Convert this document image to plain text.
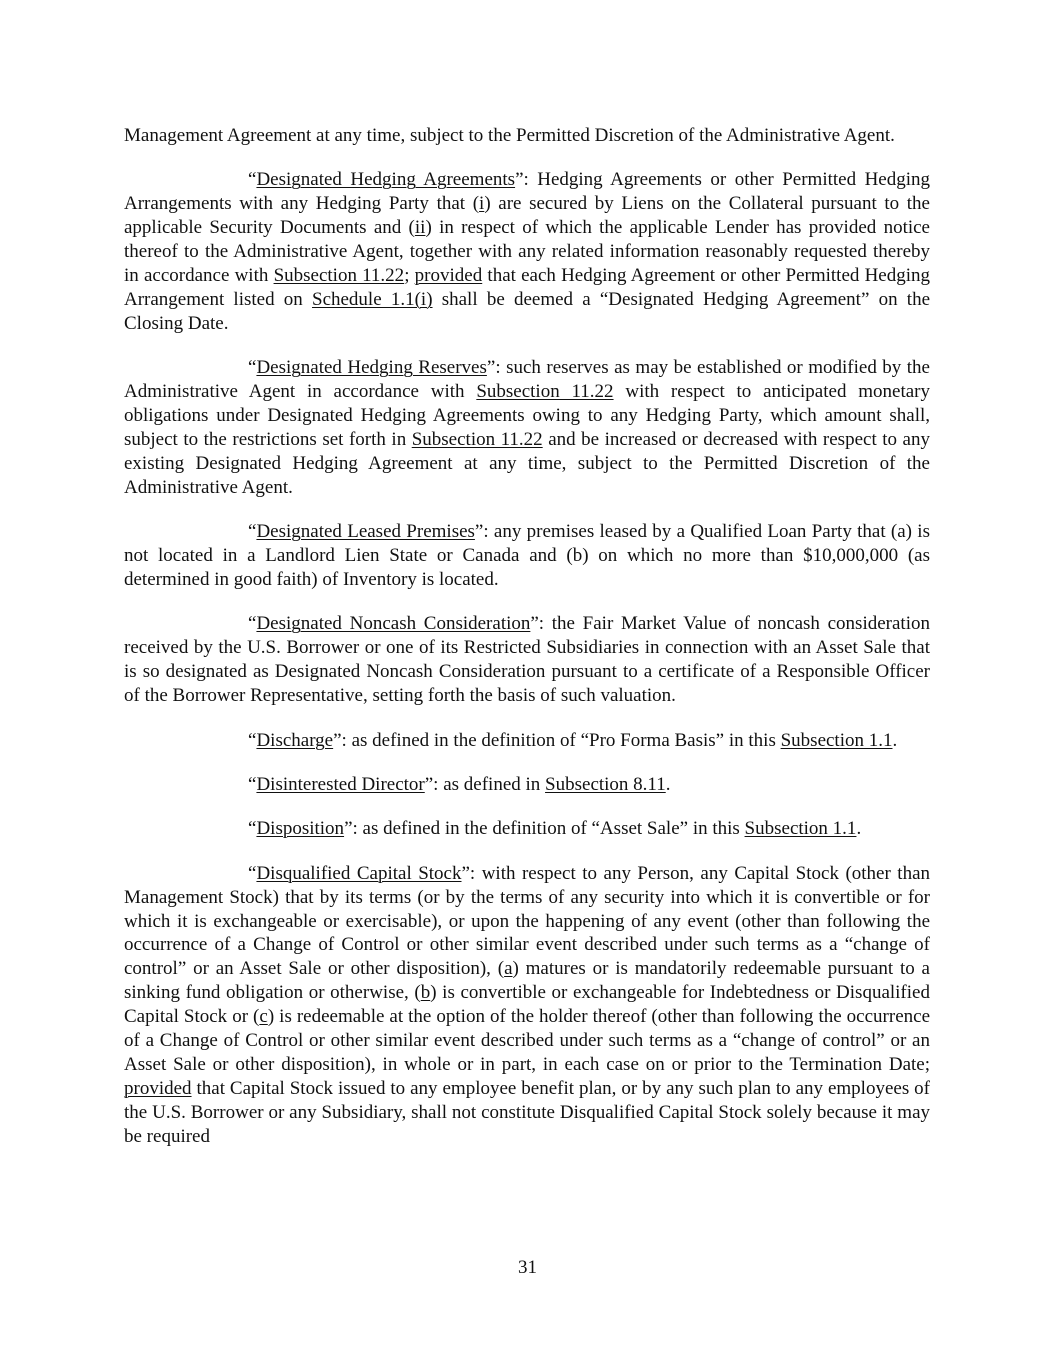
Management Agreement at any time, subject to the Permitted Discretion of the Administrative Agent.

“Designated Hedging Agreements”: Hedging Agreements or other Permitted Hedging Arrangements with any Hedging Party that (i) are secured by Liens on the Collateral pursuant to the applicable Security Documents and (ii) in respect of which the applicable Lender has provided notice thereof to the Administrative Agent, together with any related information reasonably requested thereby in accordance with Subsection 11.22; provided that each Hedging Agreement or other Permitted Hedging Arrangement listed on Schedule 1.1(i) shall be deemed a “Designated Hedging Agreement” on the Closing Date.

“Designated Hedging Reserves”: such reserves as may be established or modified by the Administrative Agent in accordance with Subsection 11.22 with respect to anticipated monetary obligations under Designated Hedging Agreements owing to any Hedging Party, which amount shall, subject to the restrictions set forth in Subsection 11.22 and be increased or decreased with respect to any existing Designated Hedging Agreement at any time, subject to the Permitted Discretion of the Administrative Agent.

“Designated Leased Premises”: any premises leased by a Qualified Loan Party that (a) is not located in a Landlord Lien State or Canada and (b) on which no more than $10,000,000 (as determined in good faith) of Inventory is located.

“Designated Noncash Consideration”: the Fair Market Value of noncash consideration received by the U.S. Borrower or one of its Restricted Subsidiaries in connection with an Asset Sale that is so designated as Designated Noncash Consideration pursuant to a certificate of a Responsible Officer of the Borrower Representative, setting forth the basis of such valuation.

“Discharge”: as defined in the definition of “Pro Forma Basis” in this Subsection 1.1.

“Disinterested Director”: as defined in Subsection 8.11.

“Disposition”: as defined in the definition of “Asset Sale” in this Subsection 1.1.

“Disqualified Capital Stock”: with respect to any Person, any Capital Stock (other than Management Stock) that by its terms (or by the terms of any security into which it is convertible or for which it is exchangeable or exercisable), or upon the happening of any event (other than following the occurrence of a Change of Control or other similar event described under such terms as a “change of control” or an Asset Sale or other disposition), (a) matures or is mandatorily redeemable pursuant to a sinking fund obligation or otherwise, (b) is convertible or exchangeable for Indebtedness or Disqualified Capital Stock or (c) is redeemable at the option of the holder thereof (other than following the occurrence of a Change of Control or other similar event described under such terms as a “change of control” or an Asset Sale or other disposition), in whole or in part, in each case on or prior to the Termination Date; provided that Capital Stock issued to any employee benefit plan, or by any such plan to any employees of the U.S. Borrower or any Subsidiary, shall not constitute Disqualified Capital Stock solely because it may be required

31
